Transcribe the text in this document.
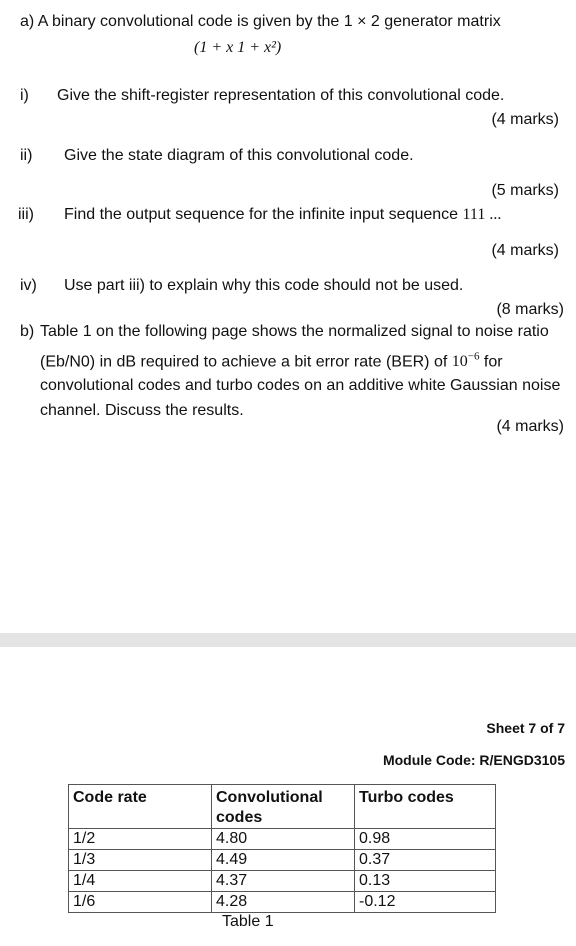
a) A binary convolutional code is given by the 1 × 2 generator matrix
(1 + x 1 + x²)
i) Give the shift-register representation of this convolutional code.
(4 marks)
ii) Give the state diagram of this convolutional code.
(5 marks)
iii) Find the output sequence for the infinite input sequence 111 ...
(4 marks)
iv) Use part iii) to explain why this code should not be used.
(8 marks)
b) Table 1 on the following page shows the normalized signal to noise ratio (Eb/N0) in dB required to achieve a bit error rate (BER) of $10^{-6}$ for convolutional codes and turbo codes on an additive white Gaussian noise channel. Discuss the results.
(4 marks)
Sheet 7 of 7
Module Code: R/ENGD3105
Code rate	Convolutional codes	Turbo codes
1/2	4.80	0.98
1/3	4.49	0.37
1/4	4.37	0.13
1/6	4.28	-0.12
Table 1
